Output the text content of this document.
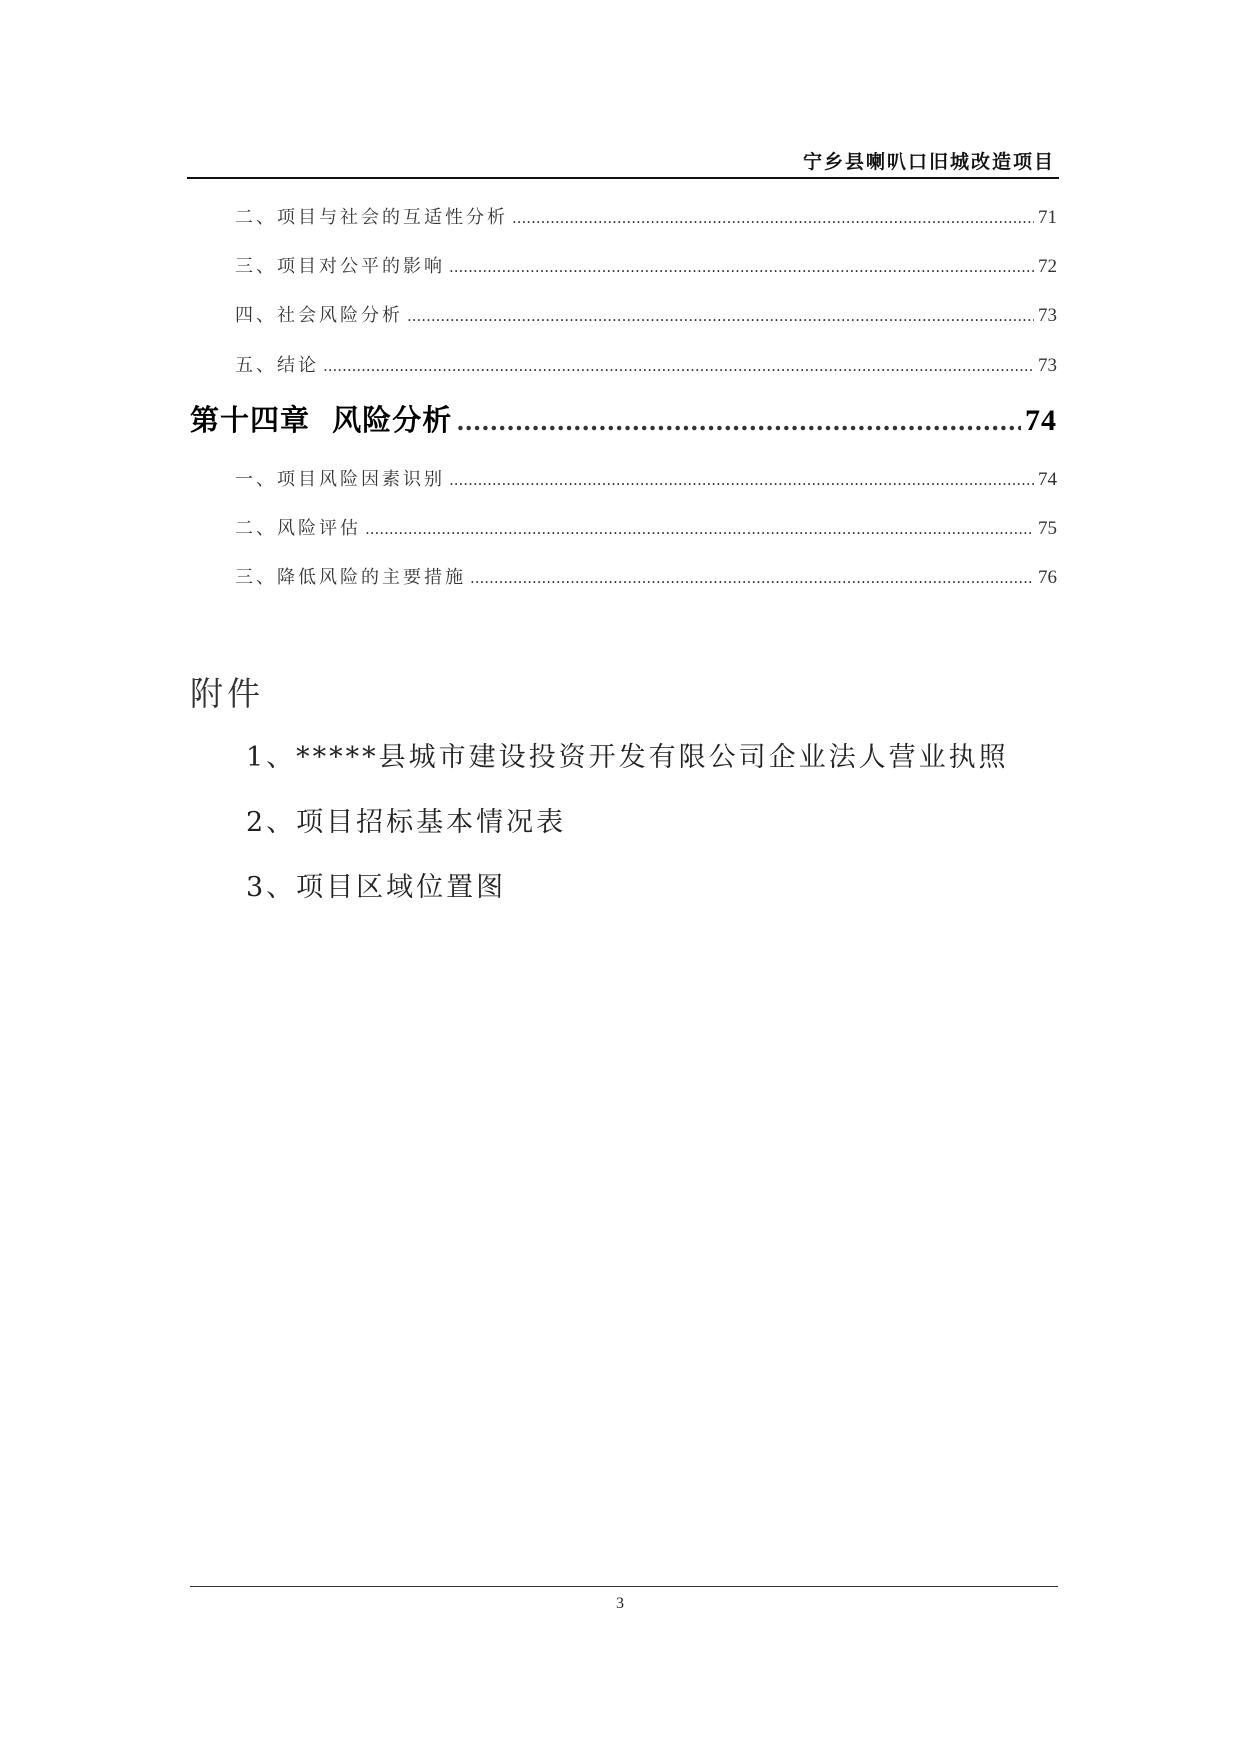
宁乡县喇叭口旧城改造项目
二、项目与社会的互适性分析 .....	71
三、项目对公平的影响 .....	72
四、社会风险分析 .....	73
五、结论 .....	73
第十四章  风险分析 .....	74
一、项目风险因素识别 .....	74
二、风险评估 .....	75
三、降低风险的主要措施 .....	76
附件
1、*****县城市建设投资开发有限公司企业法人营业执照
2、项目招标基本情况表
3、项目区域位置图
3
